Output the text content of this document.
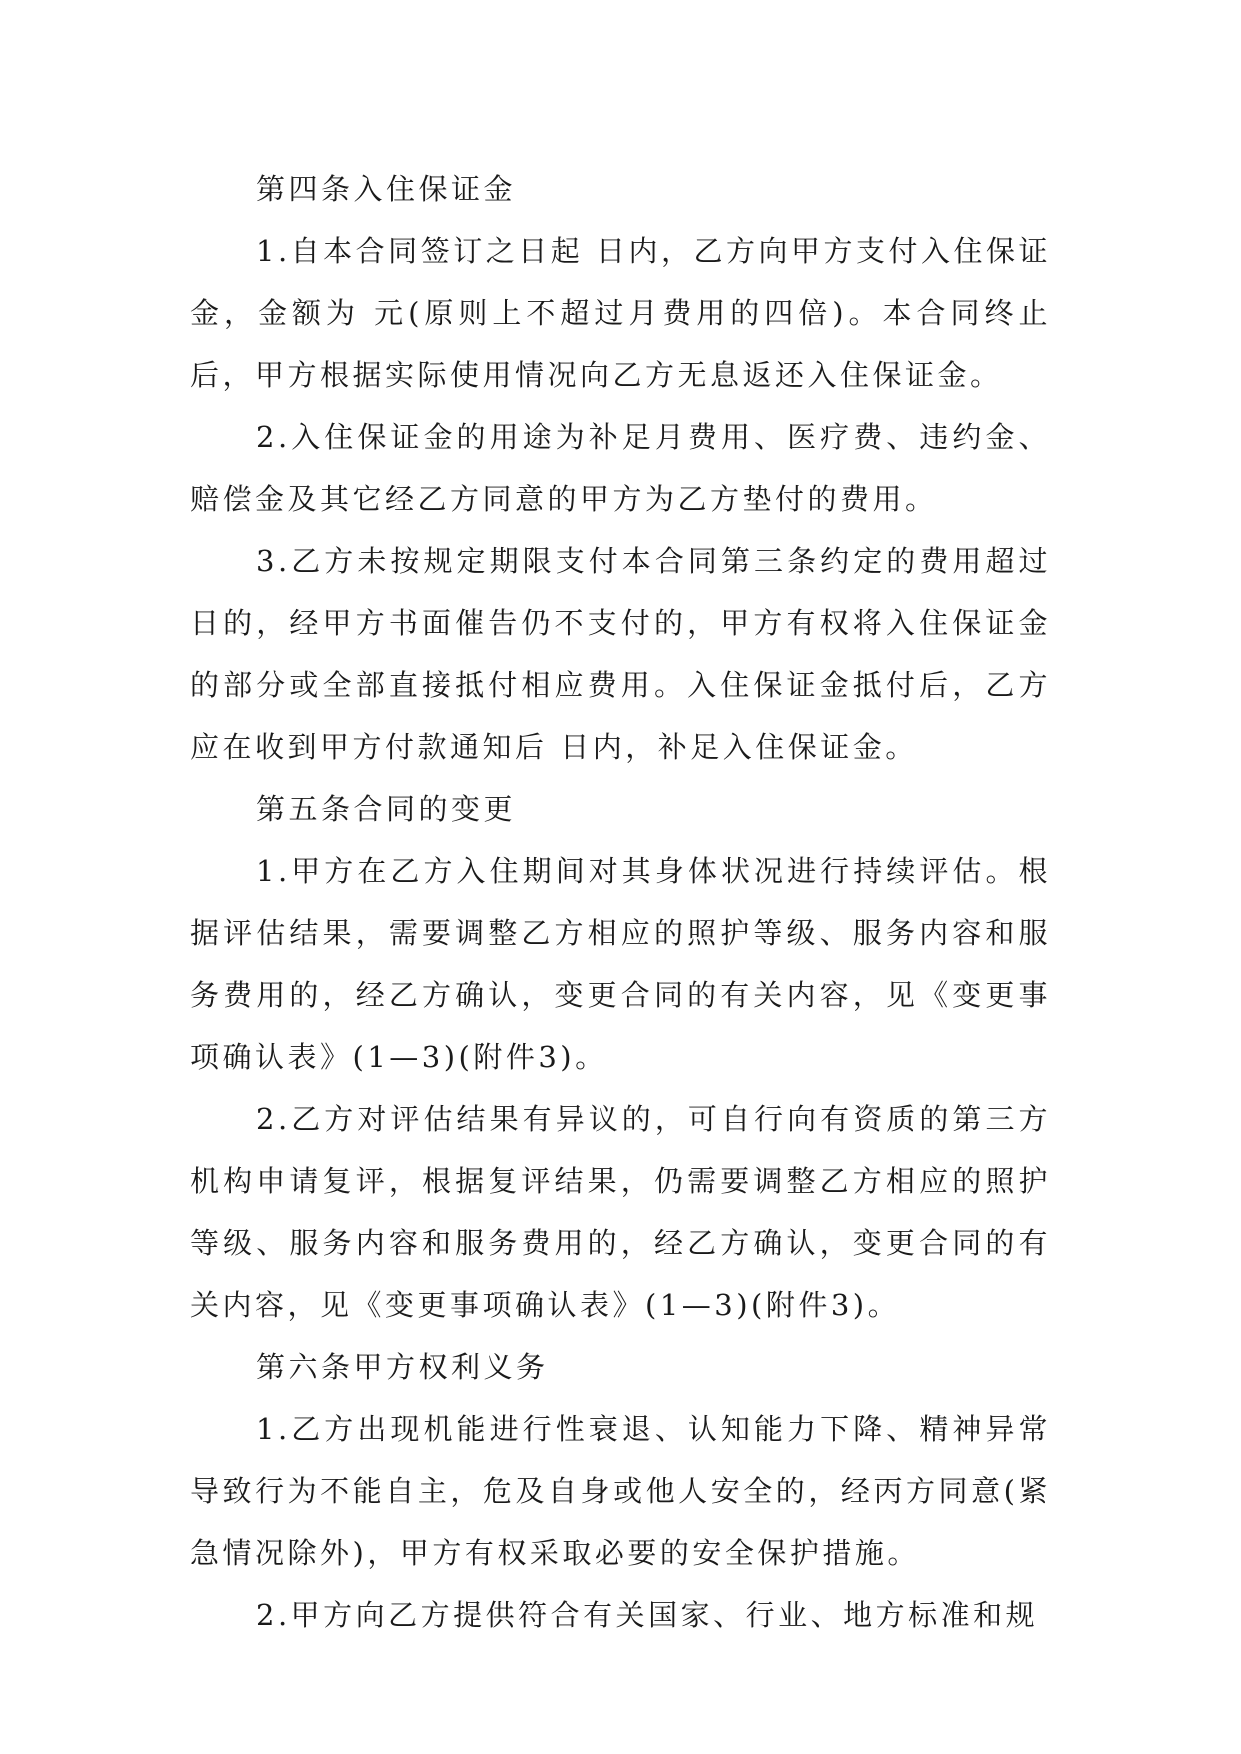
第四条入住保证金

1.自本合同签订之日起 日内，乙方向甲方支付入住保证金，金额为 元(原则上不超过月费用的四倍)。本合同终止后，甲方根据实际使用情况向乙方无息返还入住保证金。

2.入住保证金的用途为补足月费用、医疗费、违约金、赔偿金及其它经乙方同意的甲方为乙方垫付的费用。

3.乙方未按规定期限支付本合同第三条约定的费用超过 日的，经甲方书面催告仍不支付的，甲方有权将入住保证金的部分或全部直接抵付相应费用。入住保证金抵付后，乙方应在收到甲方付款通知后 日内，补足入住保证金。

第五条合同的变更

1.甲方在乙方入住期间对其身体状况进行持续评估。根据评估结果，需要调整乙方相应的照护等级、服务内容和服务费用的，经乙方确认，变更合同的有关内容，见《变更事项确认表》(1—3)(附件3)。

2.乙方对评估结果有异议的，可自行向有资质的第三方机构申请复评，根据复评结果，仍需要调整乙方相应的照护等级、服务内容和服务费用的，经乙方确认，变更合同的有关内容，见《变更事项确认表》(1—3)(附件3)。

第六条甲方权利义务

1.乙方出现机能进行性衰退、认知能力下降、精神异常导致行为不能自主，危及自身或他人安全的，经丙方同意(紧急情况除外)，甲方有权采取必要的安全保护措施。

2.甲方向乙方提供符合有关国家、行业、地方标准和规
